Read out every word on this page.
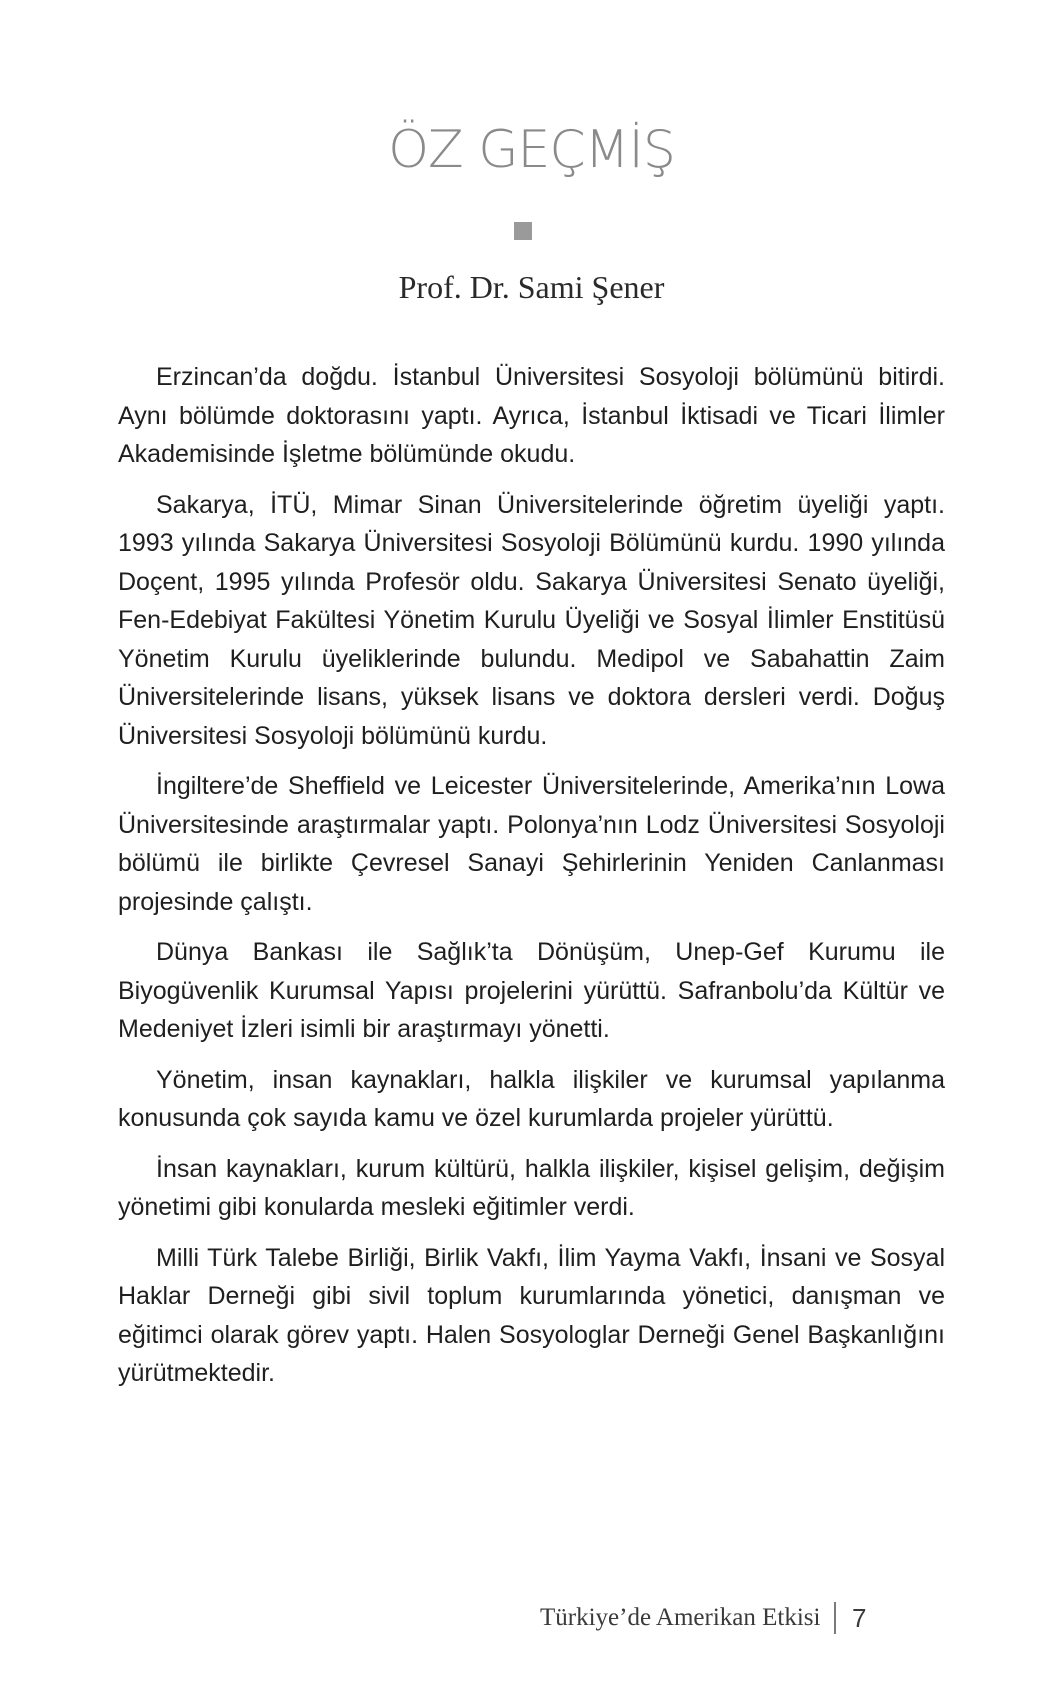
ÖZ GEÇMİŞ
Prof. Dr. Sami Şener

Erzincan’da doğdu. İstanbul Üniversitesi Sosyoloji bölümünü bitirdi. Aynı bölümde doktorasını yaptı. Ayrıca, İstanbul İktisadi ve Ticari İlimler Akademisinde İşletme bölümünde okudu.

Sakarya, İTÜ, Mimar Sinan Üniversitelerinde öğretim üyeliği yaptı. 1993 yılında Sakarya Üniversitesi Sosyoloji Bölümünü kurdu. 1990 yılında Doçent, 1995 yılında Profesör oldu. Sakarya Üniversitesi Senato üyeliği, Fen-Edebiyat Fakültesi Yönetim Kurulu Üyeliği ve Sosyal İlimler Enstitüsü Yönetim Kurulu üyeliklerinde bulundu. Medipol ve Sabahattin Zaim Üniversitelerinde lisans, yüksek lisans ve doktora dersleri verdi. Doğuş Üniversitesi Sosyoloji bölümünü kurdu.

İngiltere’de Sheffield ve Leicester Üniversitelerinde, Amerika’nın Lowa Üniversitesinde araştırmalar yaptı. Polonya’nın Lodz Üniversitesi Sosyoloji bölümü ile birlikte Çevresel Sanayi Şehirlerinin Yeniden Canlanması projesinde çalıştı.

Dünya Bankası ile Sağlık’ta Dönüşüm, Unep-Gef Kurumu ile Biyogüvenlik Kurumsal Yapısı projelerini yürüttü. Safranbolu’da Kültür ve Medeniyet İzleri isimli bir araştırmayı yönetti.

Yönetim, insan kaynakları, halkla ilişkiler ve kurumsal yapılanma konusunda çok sayıda kamu ve özel kurumlarda projeler yürüttü.

İnsan kaynakları, kurum kültürü, halkla ilişkiler, kişisel gelişim, değişim yönetimi gibi konularda mesleki eğitimler verdi.

Milli Türk Talebe Birliği, Birlik Vakfı, İlim Yayma Vakfı, İnsani ve Sosyal Haklar Derneği gibi sivil toplum kurumlarında yönetici, danışman ve eğitimci olarak görev yaptı. Halen Sosyologlar Derneği Genel Başkanlığını yürütmektedir.

Türkiye’de Amerikan Etkisi 7
